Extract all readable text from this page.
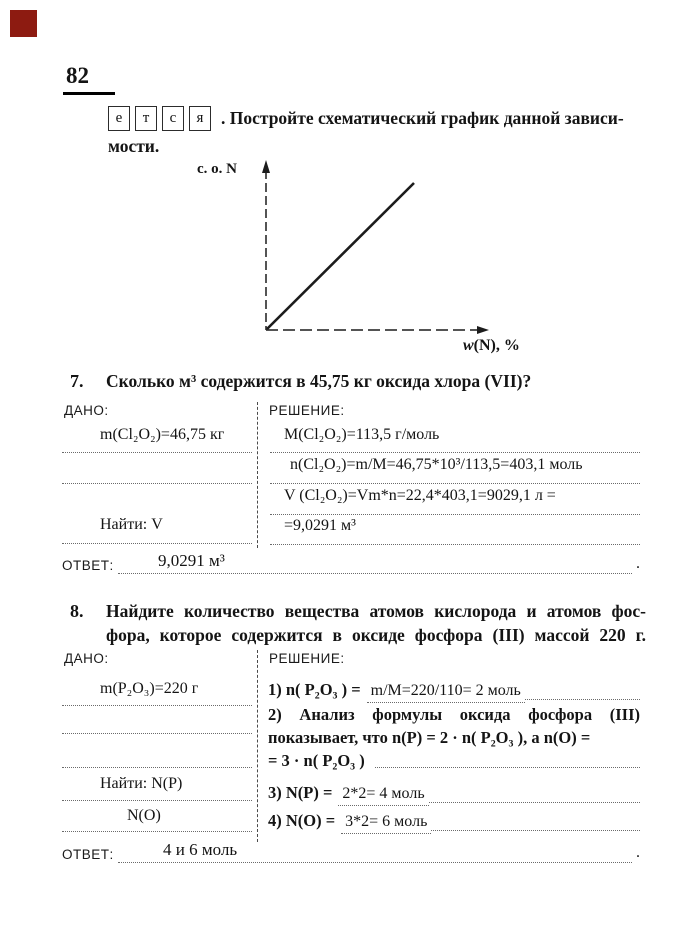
82
е	т	с	я	. Постройте схематический график данной зависи-
мости.
с. о. N
w(N), %
7.	Сколько м³ содержится в 45,75 кг оксида хлора (VII)?
ДАНО:	РЕШЕНИЕ:
m(Cl₂O₂)=46,75 кг
Найти: V
M(Cl₂O₂)=113,5 г/моль
n(Cl₂O₂)=m/M=46,75*10³/113,5=403,1 моль
V (Cl₂O₂)=Vm*n=22,4*403,1=9029,1 л =
=9,0291 м³
ОТВЕТ:	9,0291 м³	.
8.	Найдите количество вещества атомов кислорода и атомов фос-
фора, которое содержится в оксиде фосфора (III) массой 220 г.
ДАНО:	РЕШЕНИЕ:
m(P₂O₃)=220 г
Найти: N(P)
N(O)
1) n( P₂O₃ ) = m/M=220/110= 2 моль
2) Анализ формулы оксида фосфора (III)
показывает, что n(P) = 2 · n( P₂O₃ ), а n(O) =
= 3 · n( P₂O₃ )
3) N(P) = 2*2= 4 моль
4) N(O) = 3*2= 6 моль
ОТВЕТ:	4 и 6 моль	.
